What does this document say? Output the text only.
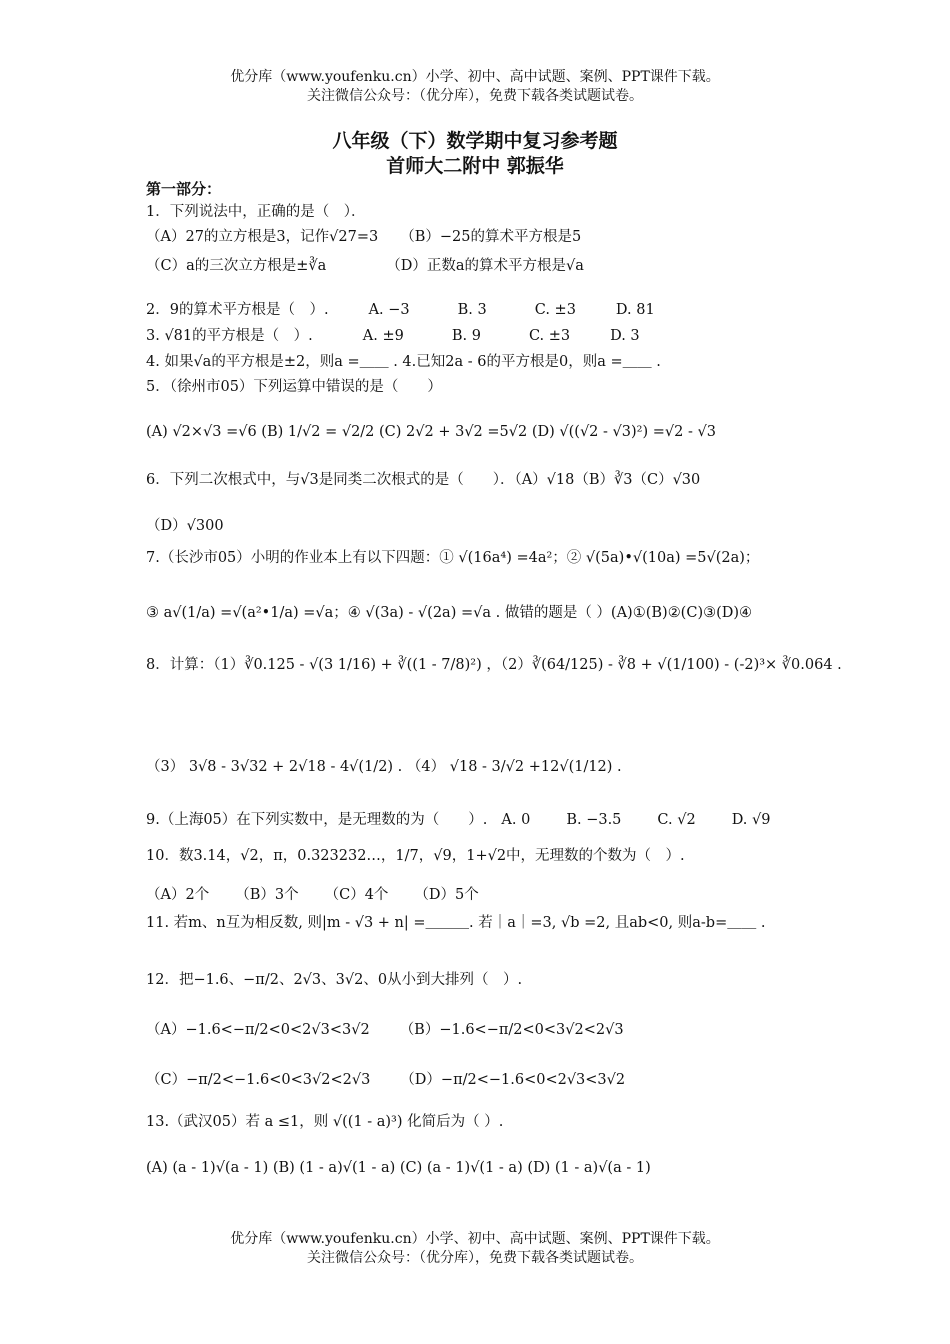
优分库（www.youfenku.cn）小学、初中、高中试题、案例、PPT课件下载。
关注微信公众号：（优分库），免费下载各类试题试卷。
八年级（下）数学期中复习参考题
首师大二附中 郭振华
第一部分：
1．下列说法中，正确的是（　）．
（A）27的立方根是3，记作√27=3 （B）−25的算术平方根是5
（C）a的三次立方根是±∛a	（D）正数a的算术平方根是√a
2．9的算术平方根是（　）.	A. −3	B. 3	C. ±3	D. 81
3. √81的平方根是（　）.	A. ±9	B. 9	C. ±3	D. 3
4. 如果√a的平方根是±2，则a =＿＿ . 4.已知2a - 6的平方根是0，则a =＿＿ .
5．（徐州市05）下列运算中错误的是（　　）
(A) √2×√3 =√6 (B) 1/√2 = √2/2 (C) 2√2 + 3√2 =5√2 (D) √((√2 - √3)²) =√2 - √3
6．下列二次根式中，与√3是同类二次根式的是（　　）．（A）√18（B）∛3（C）√30
（D）√300
7.（长沙市05）小明的作业本上有以下四题：① √(16a⁴) =4a²；② √(5a)•√(10a) =5√(2a)；
③ a√(1/a) =√(a²•1/a) =√a；④ √(3a) - √(2a) =√a . 做错的题是（ ）(A)①(B)②(C)③(D)④
8．计算：（1）∛0.125 - √(3 1/16) + ∛((1 - 7/8)²) ，（2）∛(64/125) - ∛8 + √(1/100) - (-2)³× ∛0.064 .
（3） 3√8 - 3√32 + 2√18 - 4√(1/2) . （4） √18 - 3/√2 +12√(1/12) .
9.（上海05）在下列实数中，是无理数的为（　　）. A. 0 B. −3.5 C. √2 D. √9
10．数3.14，√2，π，0.323232…，1/7，√9，1+√2中，无理数的个数为（　）.
（A）2个 （B）3个 （C）4个 （D）5个
11. 若m、n互为相反数, 则|m - √3 + n| =＿＿＿. 若｜a｜=3, √b =2, 且ab<0, 则a-b=＿＿ .
12．把−1.6、−π/2、2√3、3√2、0从小到大排列（　）.
（A）−1.6<−π/2<0<2√3<3√2 （B）−1.6<−π/2<0<3√2<2√3
（C）−π/2<−1.6<0<3√2<2√3 （D）−π/2<−1.6<0<2√3<3√2
13.（武汉05）若 a ≤1，则 √((1 - a)³) 化简后为（ ）.
(A) (a - 1)√(a - 1) (B) (1 - a)√(1 - a) (C) (a - 1)√(1 - a) (D) (1 - a)√(a - 1)
优分库（www.youfenku.cn）小学、初中、高中试题、案例、PPT课件下载。
关注微信公众号：（优分库），免费下载各类试题试卷。
